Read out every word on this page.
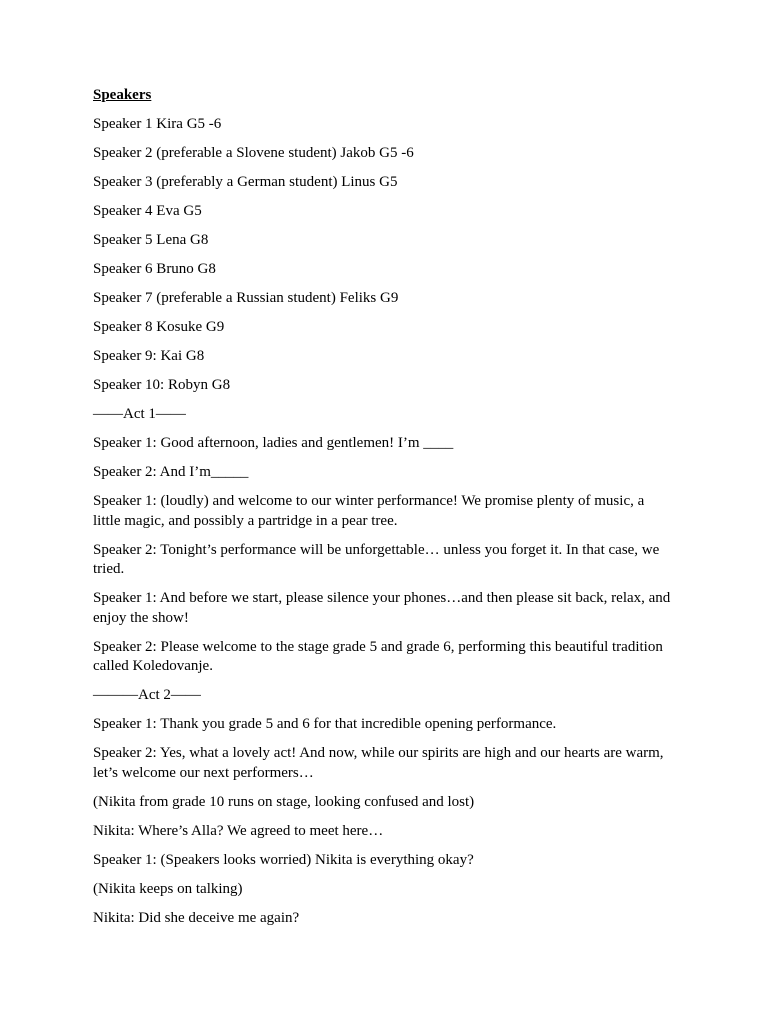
Speakers

Speaker 1 Kira G5 -6

Speaker 2 (preferable a Slovene student) Jakob G5 -6

Speaker 3 (preferably a German student) Linus G5

Speaker 4 Eva G5

Speaker 5 Lena G8

Speaker 6 Bruno G8

Speaker 7 (preferable a Russian student) Feliks G9

Speaker 8 Kosuke G9

Speaker 9: Kai G8

Speaker 10: Robyn G8

——Act 1——

Speaker 1: Good afternoon, ladies and gentlemen! I’m ____

Speaker 2: And I’m_____

Speaker 1: (loudly) and welcome to our winter performance! We promise plenty of music, a little magic, and possibly a partridge in a pear tree.

Speaker 2: Tonight’s performance will be unforgettable… unless you forget it. In that case, we tried.

Speaker 1: And before we start, please silence your phones…and then please sit back, relax, and enjoy the show!

Speaker 2: Please welcome to the stage grade 5 and grade 6, performing this beautiful tradition called Koledovanje.

———Act 2——

Speaker 1: Thank you grade 5 and 6 for that incredible opening performance.

Speaker 2: Yes, what a lovely act! And now, while our spirits are high and our hearts are warm, let’s welcome our next performers…

(Nikita from grade 10 runs on stage, looking confused and lost)

Nikita: Where’s Alla? We agreed to meet here…

Speaker 1: (Speakers looks worried) Nikita is everything okay?

(Nikita keeps on talking)

Nikita: Did she deceive me again?
